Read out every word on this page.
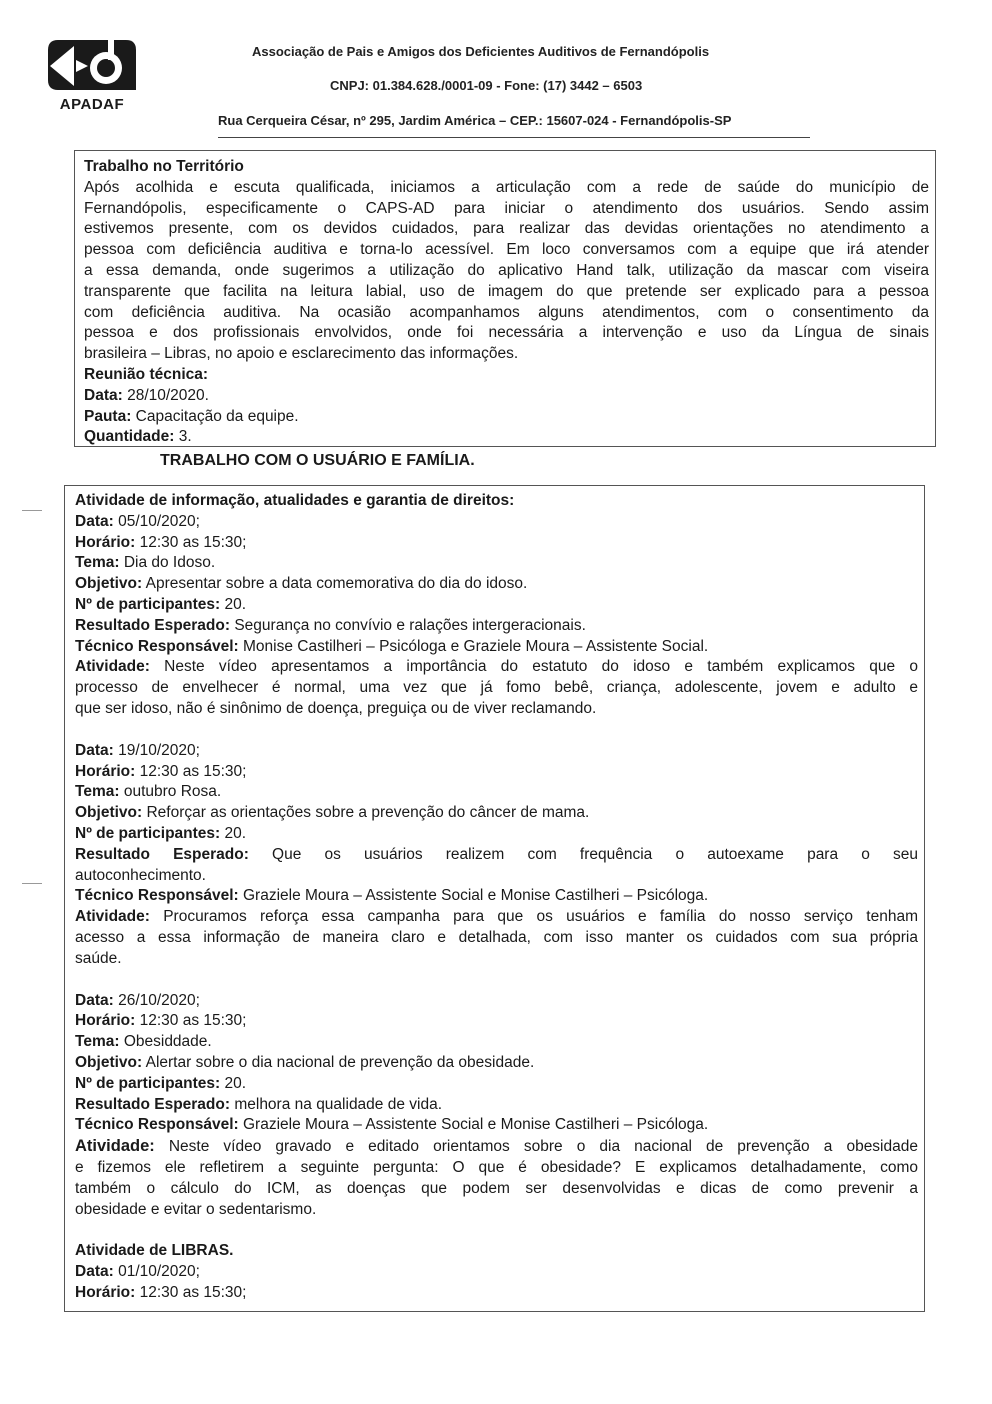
APADAF
Associação de Pais e Amigos dos Deficientes Auditivos de Fernandópolis
CNPJ: 01.384.628./0001-09 - Fone: (17) 3442 – 6503
Rua Cerqueira César, nº 295, Jardim América – CEP.: 15607-024 - Fernandópolis-SP

Trabalho no Território

Após acolhida e escuta qualificada, iniciamos a articulação com a rede de saúde do município de

Fernandópolis, especificamente o CAPS-AD para iniciar o atendimento dos usuários. Sendo assim

estivemos presente, com os devidos cuidados, para realizar das devidas orientações no atendimento a

pessoa com deficiência auditiva e torna-lo acessível. Em loco conversamos com a equipe que irá atender

a essa demanda, onde sugerimos a utilização do aplicativo Hand talk, utilização da mascar com viseira

transparente que facilita na leitura labial, uso de imagem do que pretende ser explicado para a pessoa

com deficiência auditiva. Na ocasião acompanhamos alguns atendimentos, com o consentimento da

pessoa e dos profissionais envolvidos, onde foi necessária a intervenção e uso da Língua de sinais

brasileira – Libras, no apoio e esclarecimento das informações.

Reunião técnica:

Data: 28/10/2020.

Pauta: Capacitação da equipe.

Quantidade: 3.

TRABALHO COM O USUÁRIO E FAMÍLIA.

Atividade de informação, atualidades e garantia de direitos:

Data: 05/10/2020;

Horário: 12:30 as 15:30;

Tema: Dia do Idoso.

Objetivo: Apresentar sobre a data comemorativa do dia do idoso.

Nº de participantes: 20.

Resultado Esperado: Segurança no convívio e ralações intergeracionais.

Técnico Responsável: Monise Castilheri – Psicóloga e Graziele Moura – Assistente Social.

Atividade: Neste vídeo apresentamos a importância do estatuto do idoso e também explicamos que o

processo de envelhecer é normal, uma vez que já fomo bebê, criança, adolescente, jovem e adulto e

que ser idoso, não é sinônimo de doença, preguiça ou de viver reclamando.

Data: 19/10/2020;

Horário: 12:30 as 15:30;

Tema: outubro Rosa.

Objetivo: Reforçar as orientações sobre a prevenção do câncer de mama.

Nº de participantes: 20.

Resultado Esperado: Que os usuários realizem com frequência o autoexame para o seu

autoconhecimento.

Técnico Responsável: Graziele Moura – Assistente Social e Monise Castilheri – Psicóloga.

Atividade: Procuramos reforça essa campanha para que os usuários e família do nosso serviço tenham

acesso a essa informação de maneira claro e detalhada, com isso manter os cuidados com sua própria

saúde.

Data: 26/10/2020;

Horário: 12:30 as 15:30;

Tema: Obesiddade.

Objetivo: Alertar sobre o dia nacional de prevenção da obesidade.

Nº de participantes: 20.

Resultado Esperado: melhora na qualidade de vida.

Técnico Responsável: Graziele Moura – Assistente Social e Monise Castilheri – Psicóloga.

Atividade: Neste vídeo gravado e editado orientamos sobre o dia nacional de prevenção a obesidade

e fizemos ele refletirem a seguinte pergunta: O que é obesidade? E explicamos detalhadamente, como

também o cálculo do ICM, as doenças que podem ser desenvolvidas e dicas de como prevenir a

obesidade e evitar o sedentarismo.

Atividade de LIBRAS.

Data: 01/10/2020;

Horário: 12:30 as 15:30;
